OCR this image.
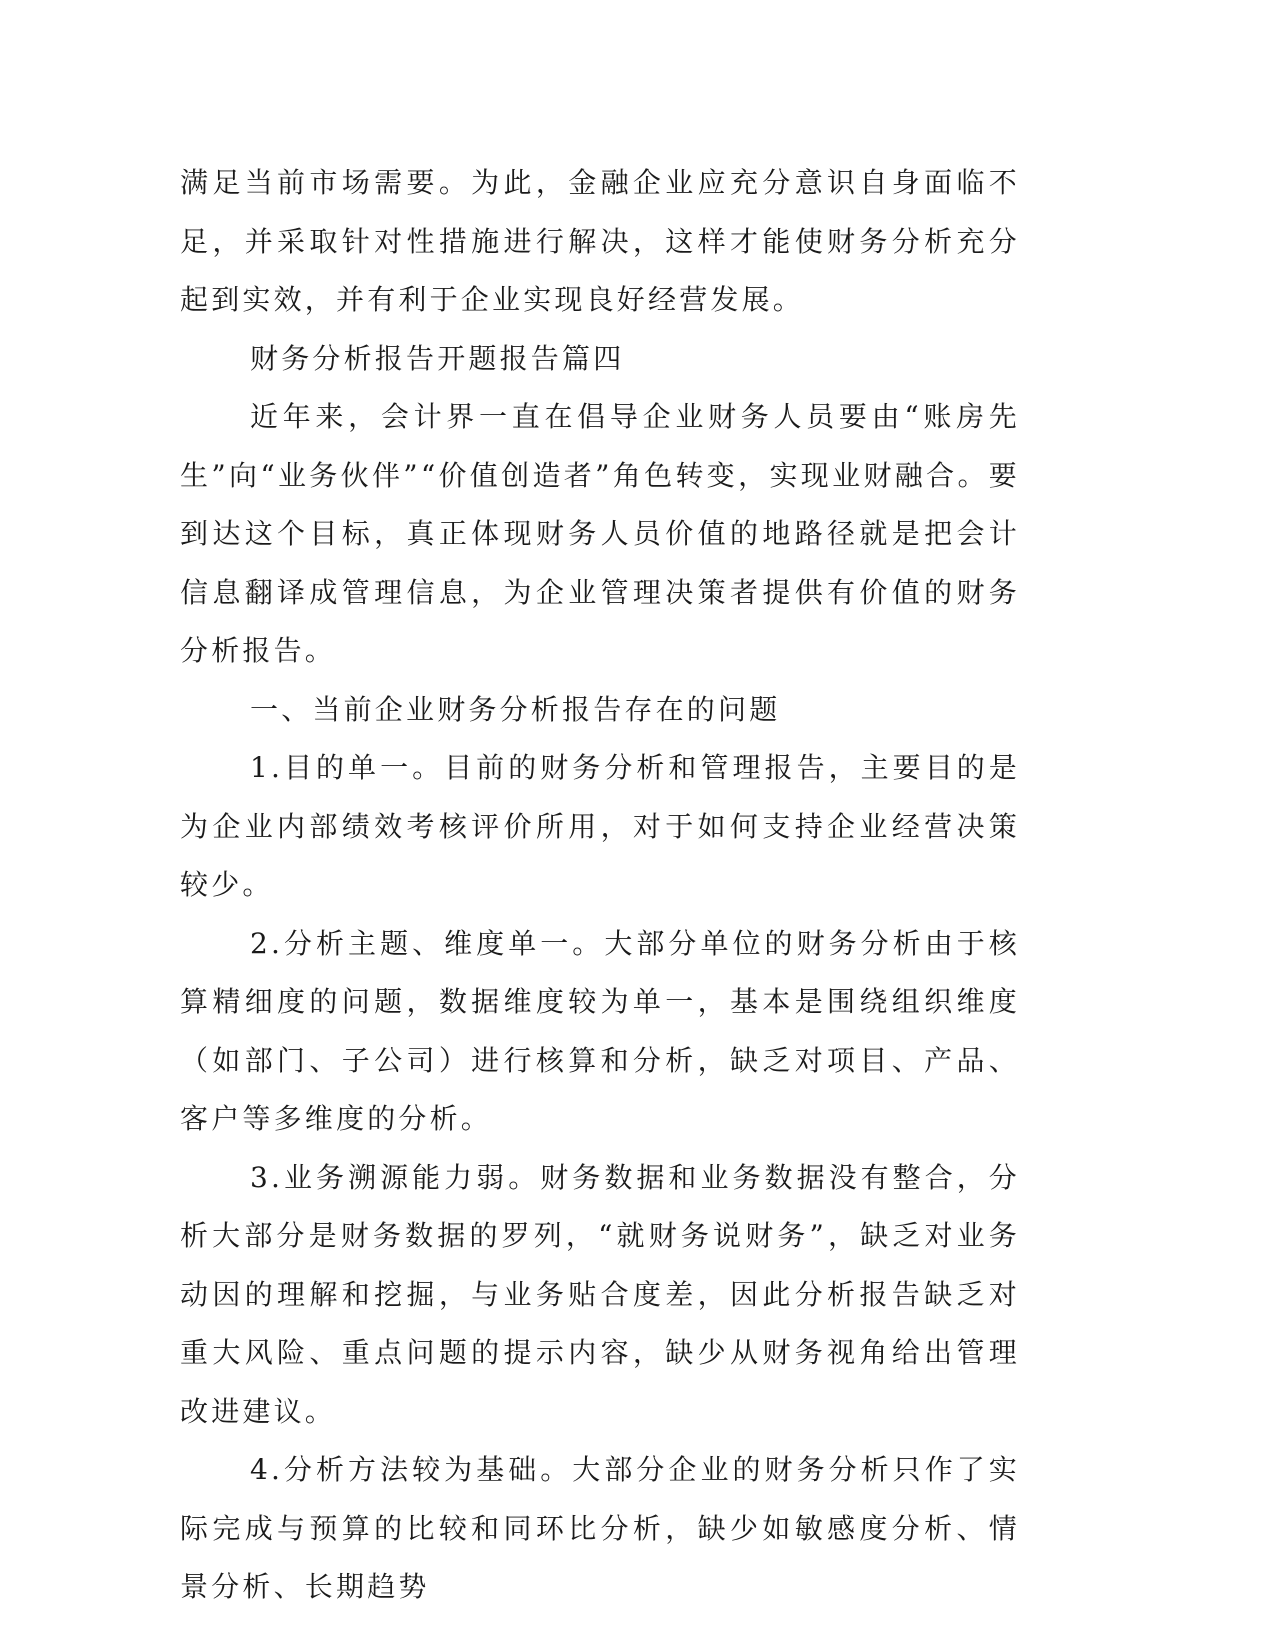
满足当前市场需要。为此，金融企业应充分意识自身面临不足，并采取针对性措施进行解决，这样才能使财务分析充分起到实效，并有利于企业实现良好经营发展。

财务分析报告开题报告篇四

近年来，会计界一直在倡导企业财务人员要由“账房先生”向“业务伙伴”“价值创造者”角色转变，实现业财融合。要到达这个目标，真正体现财务人员价值的地路径就是把会计信息翻译成管理信息，为企业管理决策者提供有价值的财务分析报告。

一、当前企业财务分析报告存在的问题

1.目的单一。目前的财务分析和管理报告，主要目的是为企业内部绩效考核评价所用，对于如何支持企业经营决策较少。

2.分析主题、维度单一。大部分单位的财务分析由于核算精细度的问题，数据维度较为单一，基本是围绕组织维度（如部门、子公司）进行核算和分析，缺乏对项目、产品、客户等多维度的分析。

3.业务溯源能力弱。财务数据和业务数据没有整合，分析大部分是财务数据的罗列，“就财务说财务”，缺乏对业务动因的理解和挖掘，与业务贴合度差，因此分析报告缺乏对重大风险、重点问题的提示内容，缺少从财务视角给出管理改进建议。

4.分析方法较为基础。大部分企业的财务分析只作了实际完成与预算的比较和同环比分析，缺少如敏感度分析、情景分析、长期趋势
